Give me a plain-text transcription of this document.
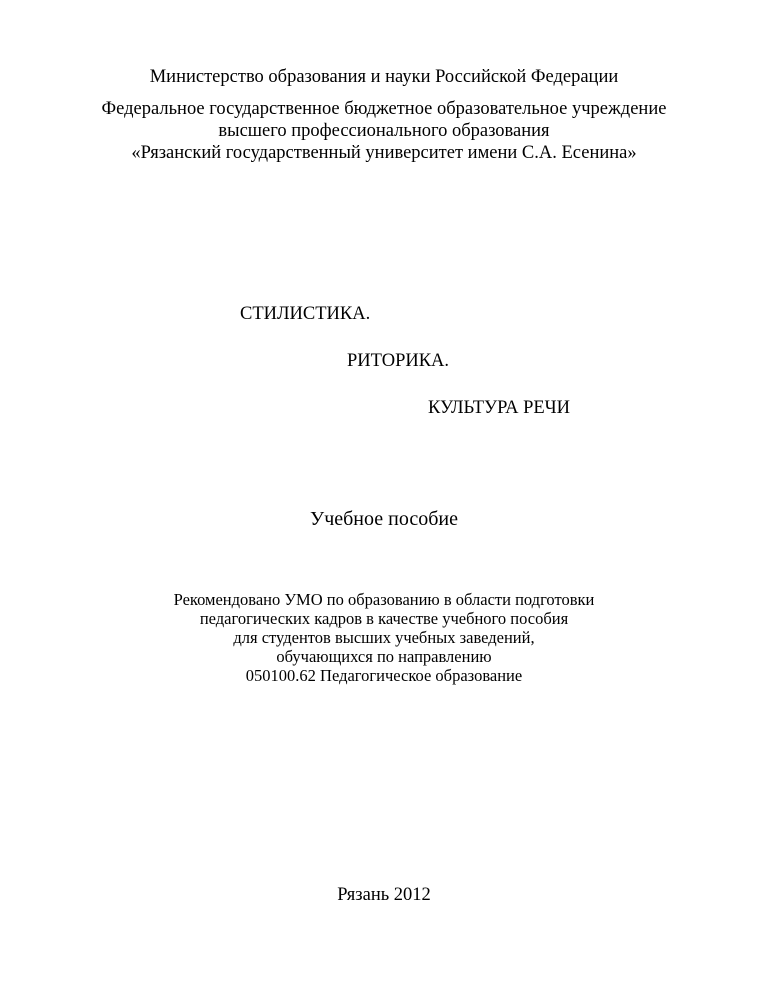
Министерство образования и науки Российской Федерации

Федеральное государственное бюджетное образовательное учреждение

высшего профессионального образования

«Рязанский государственный университет имени С.А. Есенина»

СТИЛИСТИКА.

РИТОРИКА.

КУЛЬТУРА РЕЧИ

Учебное пособие

Рекомендовано УМО по образованию в области подготовки

педагогических кадров в качестве учебного пособия

для студентов высших учебных заведений,

обучающихся по направлению

050100.62 Педагогическое образование

Рязань 2012
